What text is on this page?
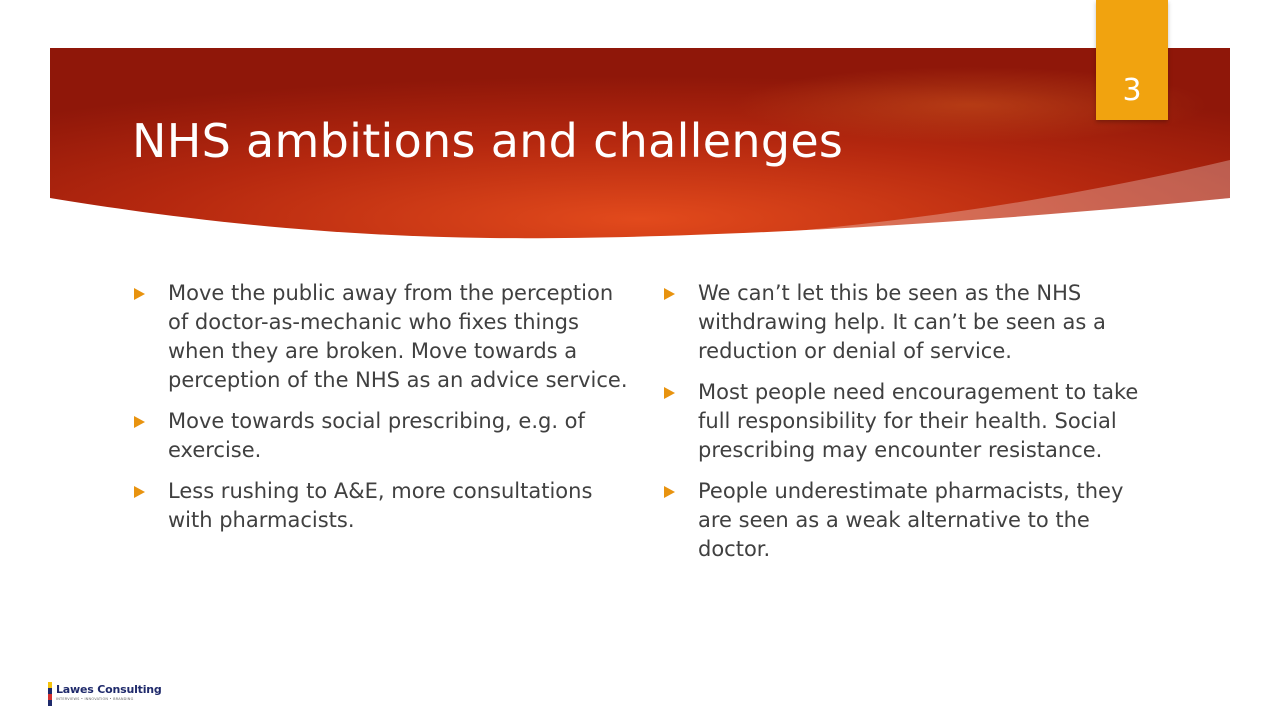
NHS ambitions and challenges
3
Move the public away from the perception of doctor-as-mechanic who fixes things when they are broken. Move towards a perception of the NHS as an advice service.
Move towards social prescribing, e.g. of exercise.
Less rushing to A&E, more consultations with pharmacists.
We can’t let this be seen as the NHS withdrawing help. It can’t be seen as a reduction or denial of service.
Most people need encouragement to take full responsibility for their health. Social prescribing may encounter resistance.
People underestimate pharmacists, they are seen as a weak alternative to the doctor.
Lawes Consulting
INTERVIEWS • INNOVATION • BRANDING
